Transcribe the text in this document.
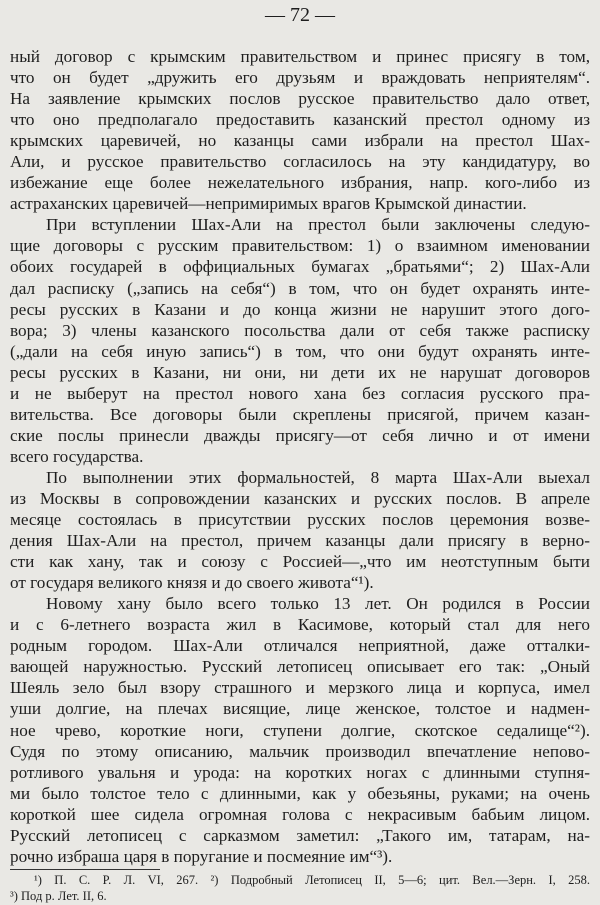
— 72 —
ный договор с крымским правительством и принес присягу в том,
что он будет „дружить его друзьям и враждовать неприятелям“.
На заявление крымских послов русское правительство дало ответ,
что оно предполагало предоставить казанский престол одному из
крымских царевичей, но казанцы сами избрали на престол Шах-
Али, и русское правительство согласилось на эту кандидатуру, во
избежание еще более нежелательного избрания, напр. кого-либо из
астраханских царевичей—непримиримых врагов Крымской династии.
При вступлении Шах-Али на престол были заключены следую-
щие договоры с русским правительством: 1) о взаимном именовании
обоих государей в оффициальных бумагах „братьями“; 2) Шах-Али
дал расписку („запись на себя“) в том, что он будет охранять инте-
ресы русских в Казани и до конца жизни не нарушит этого дого-
вора; 3) члены казанского посольства дали от себя также расписку
(„дали на себя иную запись“) в том, что они будут охранять инте-
ресы русских в Казани, ни они, ни дети их не нарушат договоров
и не выберут на престол нового хана без согласия русского пра-
вительства. Все договоры были скреплены присягой, причем казан-
ские послы принесли дважды присягу—от себя лично и от имени
всего государства.
По выполнении этих формальностей, 8 марта Шах-Али выехал
из Москвы в сопровождении казанских и русских послов. В апреле
месяце состоялась в присутствии русских послов церемония возве-
дения Шах-Али на престол, причем казанцы дали присягу в верно-
сти как хану, так и союзу с Россией—„что им неотступным быти
от государя великого князя и до своего живота“¹).
Новому хану было всего только 13 лет. Он родился в России
и с 6-летнего возраста жил в Касимове, который стал для него
родным городом. Шах-Али отличался неприятной, даже отталки-
вающей наружностью. Русский летописец описывает его так: „Оный
Шеяль зело был взору страшного и мерзкого лица и корпуса, имел
уши долгие, на плечах висящие, лице женское, толстое и надмен-
ное чрево, короткие ноги, ступени долгие, скотское седалище“²).
Судя по этому описанию, мальчик производил впечатление непово-
ротливого увальня и урода: на коротких ногах с длинными ступня-
ми было толстое тело с длинными, как у обезьяны, руками; на очень
короткой шее сидела огромная голова с некрасивым бабьим лицом.
Русский летописец с сарказмом заметил: „Такого им, татарам, на-
рочно избраша царя в поругание и посмеяние им“³).
¹) П. С. Р. Л. VI, 267. ²) Подробный Летописец II, 5—6; цит. Вел.—Зерн. I, 258.
³) Под р. Лет. II, 6.
